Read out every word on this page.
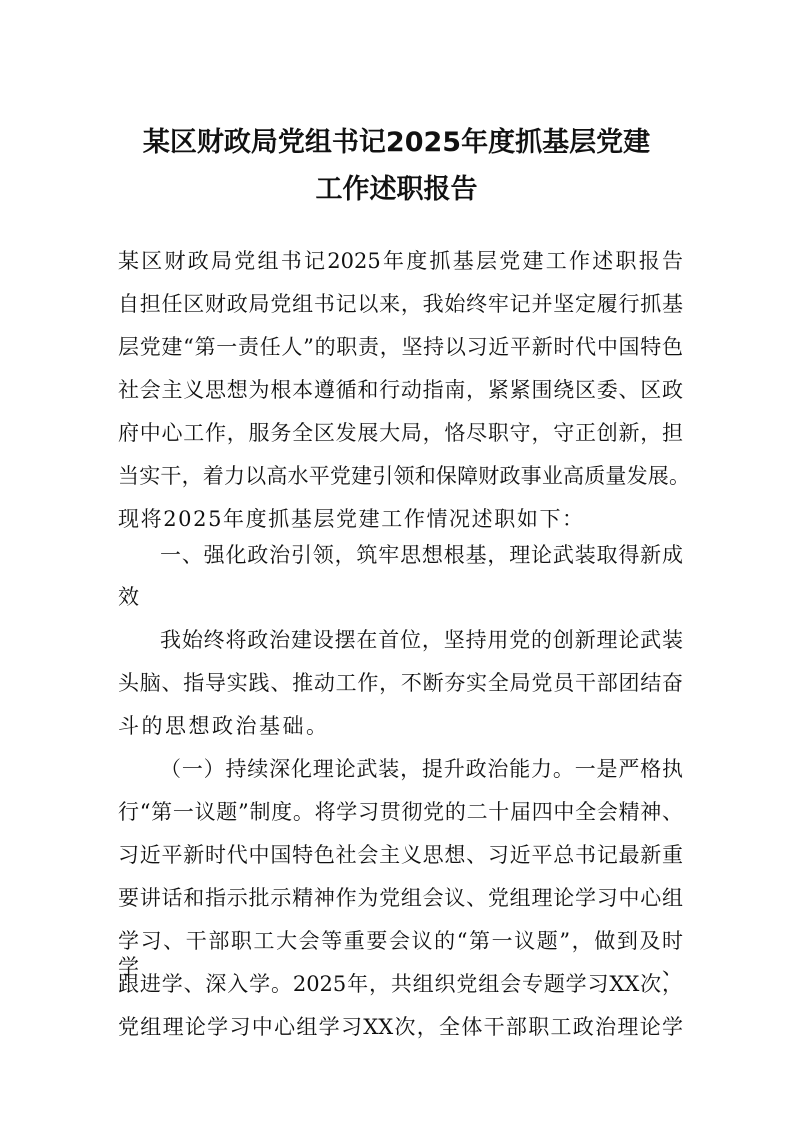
某区财政局党组书记2025年度抓基层党建
工作述职报告
某区财政局党组书记2025年度抓基层党建工作述职报告
自担任区财政局党组书记以来，我始终牢记并坚定履行抓基
层党建“第一责任人”的职责，坚持以习近平新时代中国特色
社会主义思想为根本遵循和行动指南，紧紧围绕区委、区政
府中心工作，服务全区发展大局，恪尽职守，守正创新，担
当实干，着力以高水平党建引领和保障财政事业高质量发展。
现将2025年度抓基层党建工作情况述职如下：
一、强化政治引领，筑牢思想根基，理论武装取得新成
效
我始终将政治建设摆在首位，坚持用党的创新理论武装
头脑、指导实践、推动工作，不断夯实全局党员干部团结奋
斗的思想政治基础。
（一）持续深化理论武装，提升政治能力。一是严格执
行“第一议题”制度。将学习贯彻党的二十届四中全会精神、
习近平新时代中国特色社会主义思想、习近平总书记最新重
要讲话和指示批示精神作为党组会议、党组理论学习中心组
学习、干部职工大会等重要会议的“第一议题”，做到及时学、
跟进学、深入学。2025年，共组织党组会专题学习XX次，
党组理论学习中心组学习XX次，全体干部职工政治理论学
